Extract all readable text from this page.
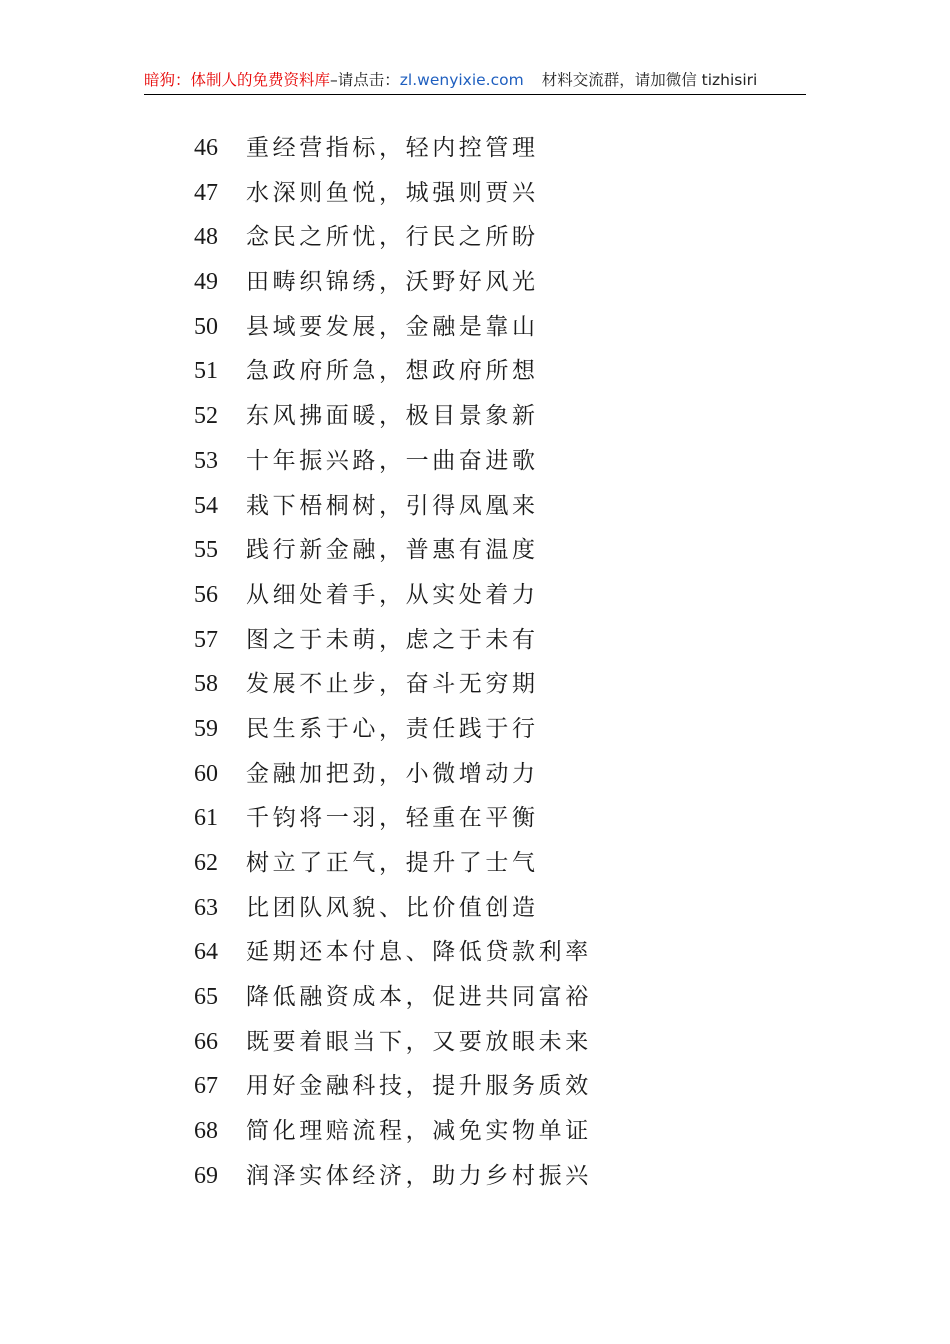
暗狗：体制人的免费资料库–请点击：zl.wenyixie.com 材料交流群，请加微信 tizhisiri
46 重经营指标，轻内控管理
47 水深则鱼悦，城强则贾兴
48 念民之所忧，行民之所盼
49 田畴织锦绣，沃野好风光
50 县域要发展，金融是靠山
51 急政府所急，想政府所想
52 东风拂面暖，极目景象新
53 十年振兴路，一曲奋进歌
54 栽下梧桐树，引得凤凰来
55 践行新金融，普惠有温度
56 从细处着手，从实处着力
57 图之于未萌，虑之于未有
58 发展不止步，奋斗无穷期
59 民生系于心，责任践于行
60 金融加把劲，小微增动力
61 千钧将一羽，轻重在平衡
62 树立了正气，提升了士气
63 比团队风貌、比价值创造
64 延期还本付息、降低贷款利率
65 降低融资成本，促进共同富裕
66 既要着眼当下，又要放眼未来
67 用好金融科技，提升服务质效
68 简化理赔流程，减免实物单证
69 润泽实体经济，助力乡村振兴
